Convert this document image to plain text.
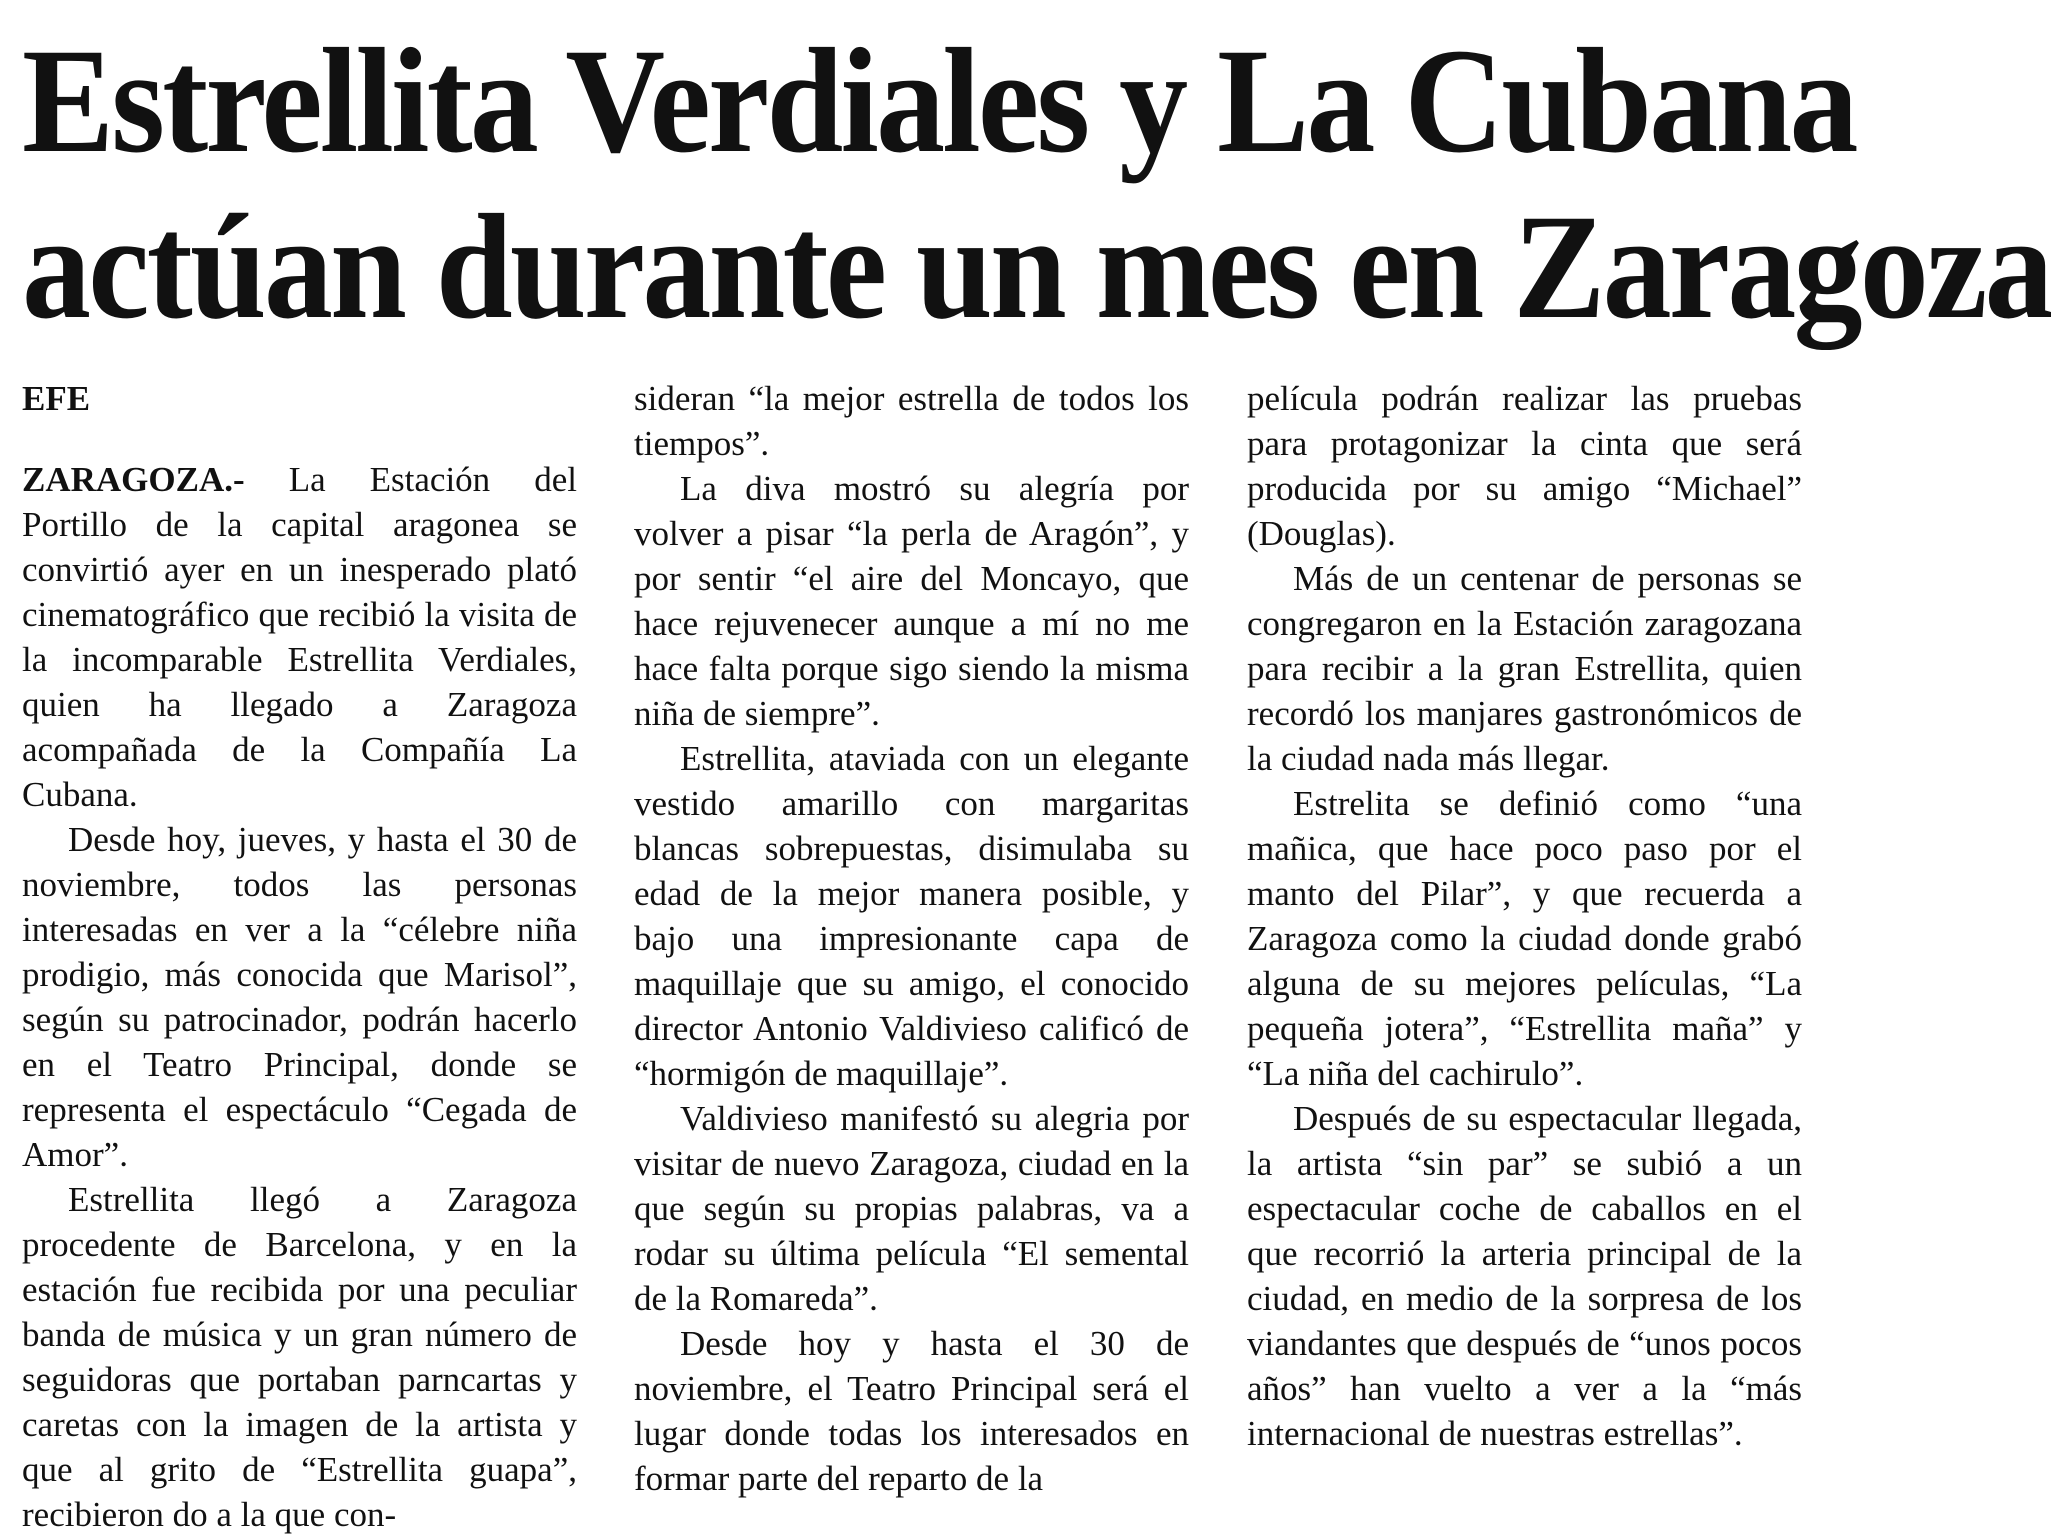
Estrellita Verdiales y La Cubana
actúan durante un mes en Zaragoza
EFE

ZARAGOZA.- La Estación del Portillo de la capital aragonea se convirtió ayer en un inesperado plató cinematográfico que recibió la visita de la incomparable Estrellita Verdiales, quien ha llegado a Zaragoza acompañada de la Compañía La Cubana.

Desde hoy, jueves, y hasta el 30 de noviembre, todos las personas interesadas en ver a la “célebre niña prodigio, más conocida que Marisol”, según su patrocinador, podrán hacerlo en el Teatro Principal, donde se representa el espectáculo “Cegada de Amor”.

Estrellita llegó a Zaragoza procedente de Barcelona, y en la estación fue recibida por una peculiar banda de música y un gran número de seguidoras que portaban parncartas y caretas con la imagen de la artista y que al grito de “Estrellita guapa”, recibieron do a la que con-

sideran “la mejor estrella de todos los tiempos”.

La diva mostró su alegría por volver a pisar “la perla de Aragón”, y por sentir “el aire del Moncayo, que hace rejuvenecer aunque a mí no me hace falta porque sigo siendo la misma niña de siempre”.

Estrellita, ataviada con un elegante vestido amarillo con margaritas blancas sobrepuestas, disimulaba su edad de la mejor manera posible, y bajo una impresionante capa de maquillaje que su amigo, el conocido director Antonio Valdivieso calificó de “hormigón de maquillaje”.

Valdivieso manifestó su alegria por visitar de nuevo Zaragoza, ciudad en la que según su propias palabras, va a rodar su última película “El semental de la Romareda”.

Desde hoy y hasta el 30 de noviembre, el Teatro Principal será el lugar donde todas los interesados en formar parte del reparto de la

película podrán realizar las pruebas para protagonizar la cinta que será producida por su amigo “Michael” (Douglas).

Más de un centenar de personas se congregaron en la Estación zaragozana para recibir a la gran Estrellita, quien recordó los manjares gastronómicos de la ciudad nada más llegar.

Estrelita se definió como “una mañica, que hace poco paso por el manto del Pilar”, y que recuerda a Zaragoza como la ciudad donde grabó alguna de su mejores películas, “La pequeña jotera”, “Estrellita maña” y “La niña del cachirulo”.

Después de su espectacular llegada, la artista “sin par” se subió a un espectacular coche de caballos en el que recorrió la arteria principal de la ciudad, en medio de la sorpresa de los viandantes que después de “unos pocos años” han vuelto a ver a la “más internacional de nuestras estrellas”.
